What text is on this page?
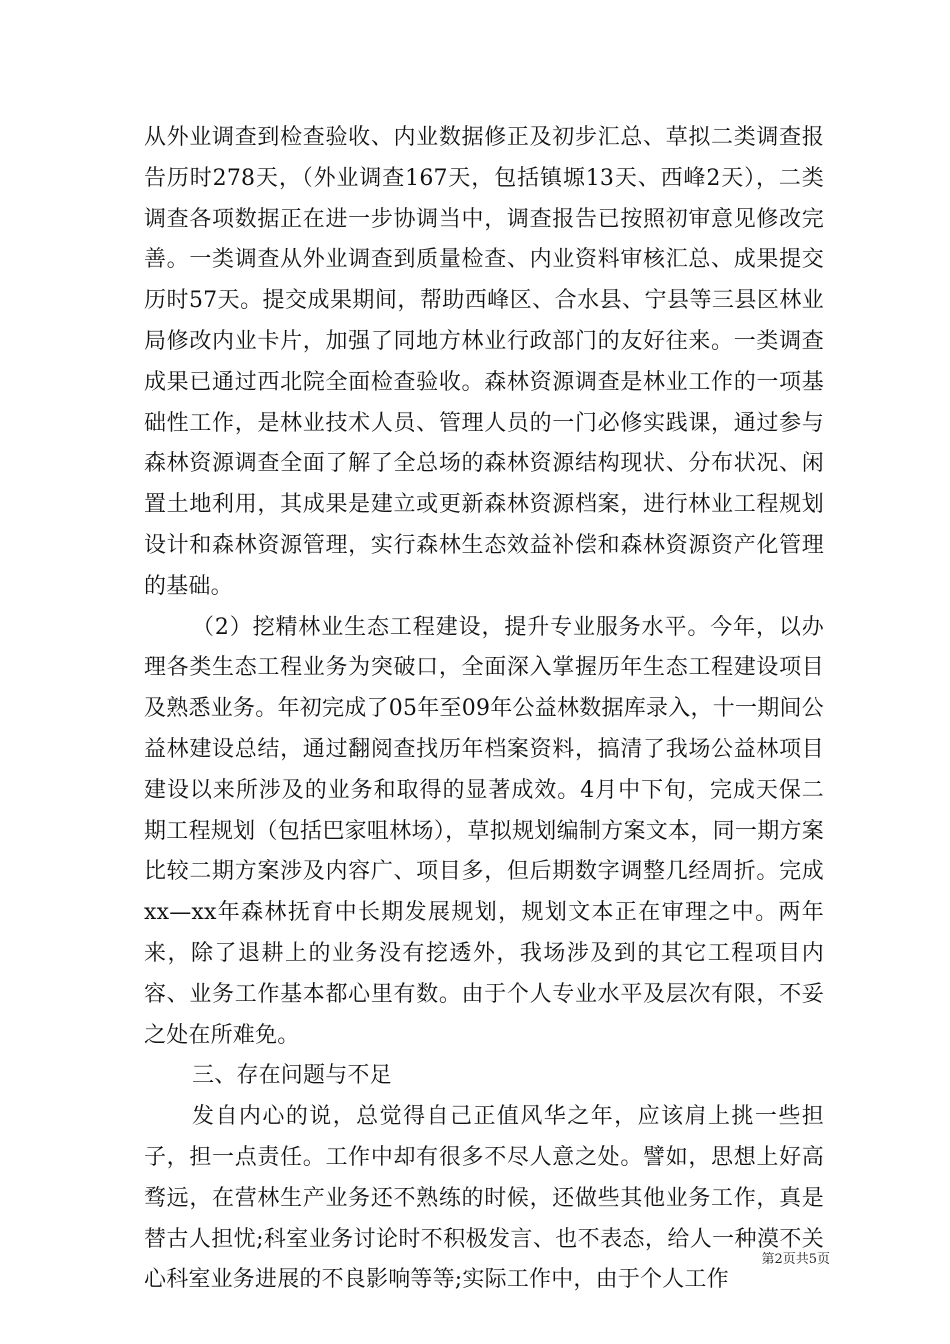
从外业调查到检查验收、内业数据修正及初步汇总、草拟二类调查报告历时278天，（外业调查167天，包括镇塬13天、西峰2天），二类调查各项数据正在进一步协调当中，调查报告已按照初审意见修改完善。一类调查从外业调查到质量检查、内业资料审核汇总、成果提交历时57天。提交成果期间，帮助西峰区、合水县、宁县等三县区林业局修改内业卡片，加强了同地方林业行政部门的友好往来。一类调查成果已通过西北院全面检查验收。森林资源调查是林业工作的一项基础性工作，是林业技术人员、管理人员的一门必修实践课，通过参与森林资源调查全面了解了全总场的森林资源结构现状、分布状况、闲置土地利用，其成果是建立或更新森林资源档案，进行林业工程规划设计和森林资源管理，实行森林生态效益补偿和森林资源资产化管理的基础。

（2）挖精林业生态工程建设，提升专业服务水平。今年，以办理各类生态工程业务为突破口，全面深入掌握历年生态工程建设项目及熟悉业务。年初完成了05年至09年公益林数据库录入，十一期间公益林建设总结，通过翻阅查找历年档案资料，搞清了我场公益林项目建设以来所涉及的业务和取得的显著成效。4月中下旬，完成天保二期工程规划（包括巴家咀林场），草拟规划编制方案文本，同一期方案比较二期方案涉及内容广、项目多，但后期数字调整几经周折。完成xx—xx年森林抚育中长期发展规划，规划文本正在审理之中。两年来，除了退耕上的业务没有挖透外，我场涉及到的其它工程项目内容、业务工作基本都心里有数。由于个人专业水平及层次有限，不妥之处在所难免。

三、存在问题与不足

发自内心的说，总觉得自己正值风华之年，应该肩上挑一些担子，担一点责任。工作中却有很多不尽人意之处。譬如，思想上好高骛远，在营林生产业务还不熟练的时候，还做些其他业务工作，真是替古人担忧;科室业务讨论时不积极发言、也不表态，给人一种漠不关心科室业务进展的不良影响等等;实际工作中，由于个人工作

第2页共5页
